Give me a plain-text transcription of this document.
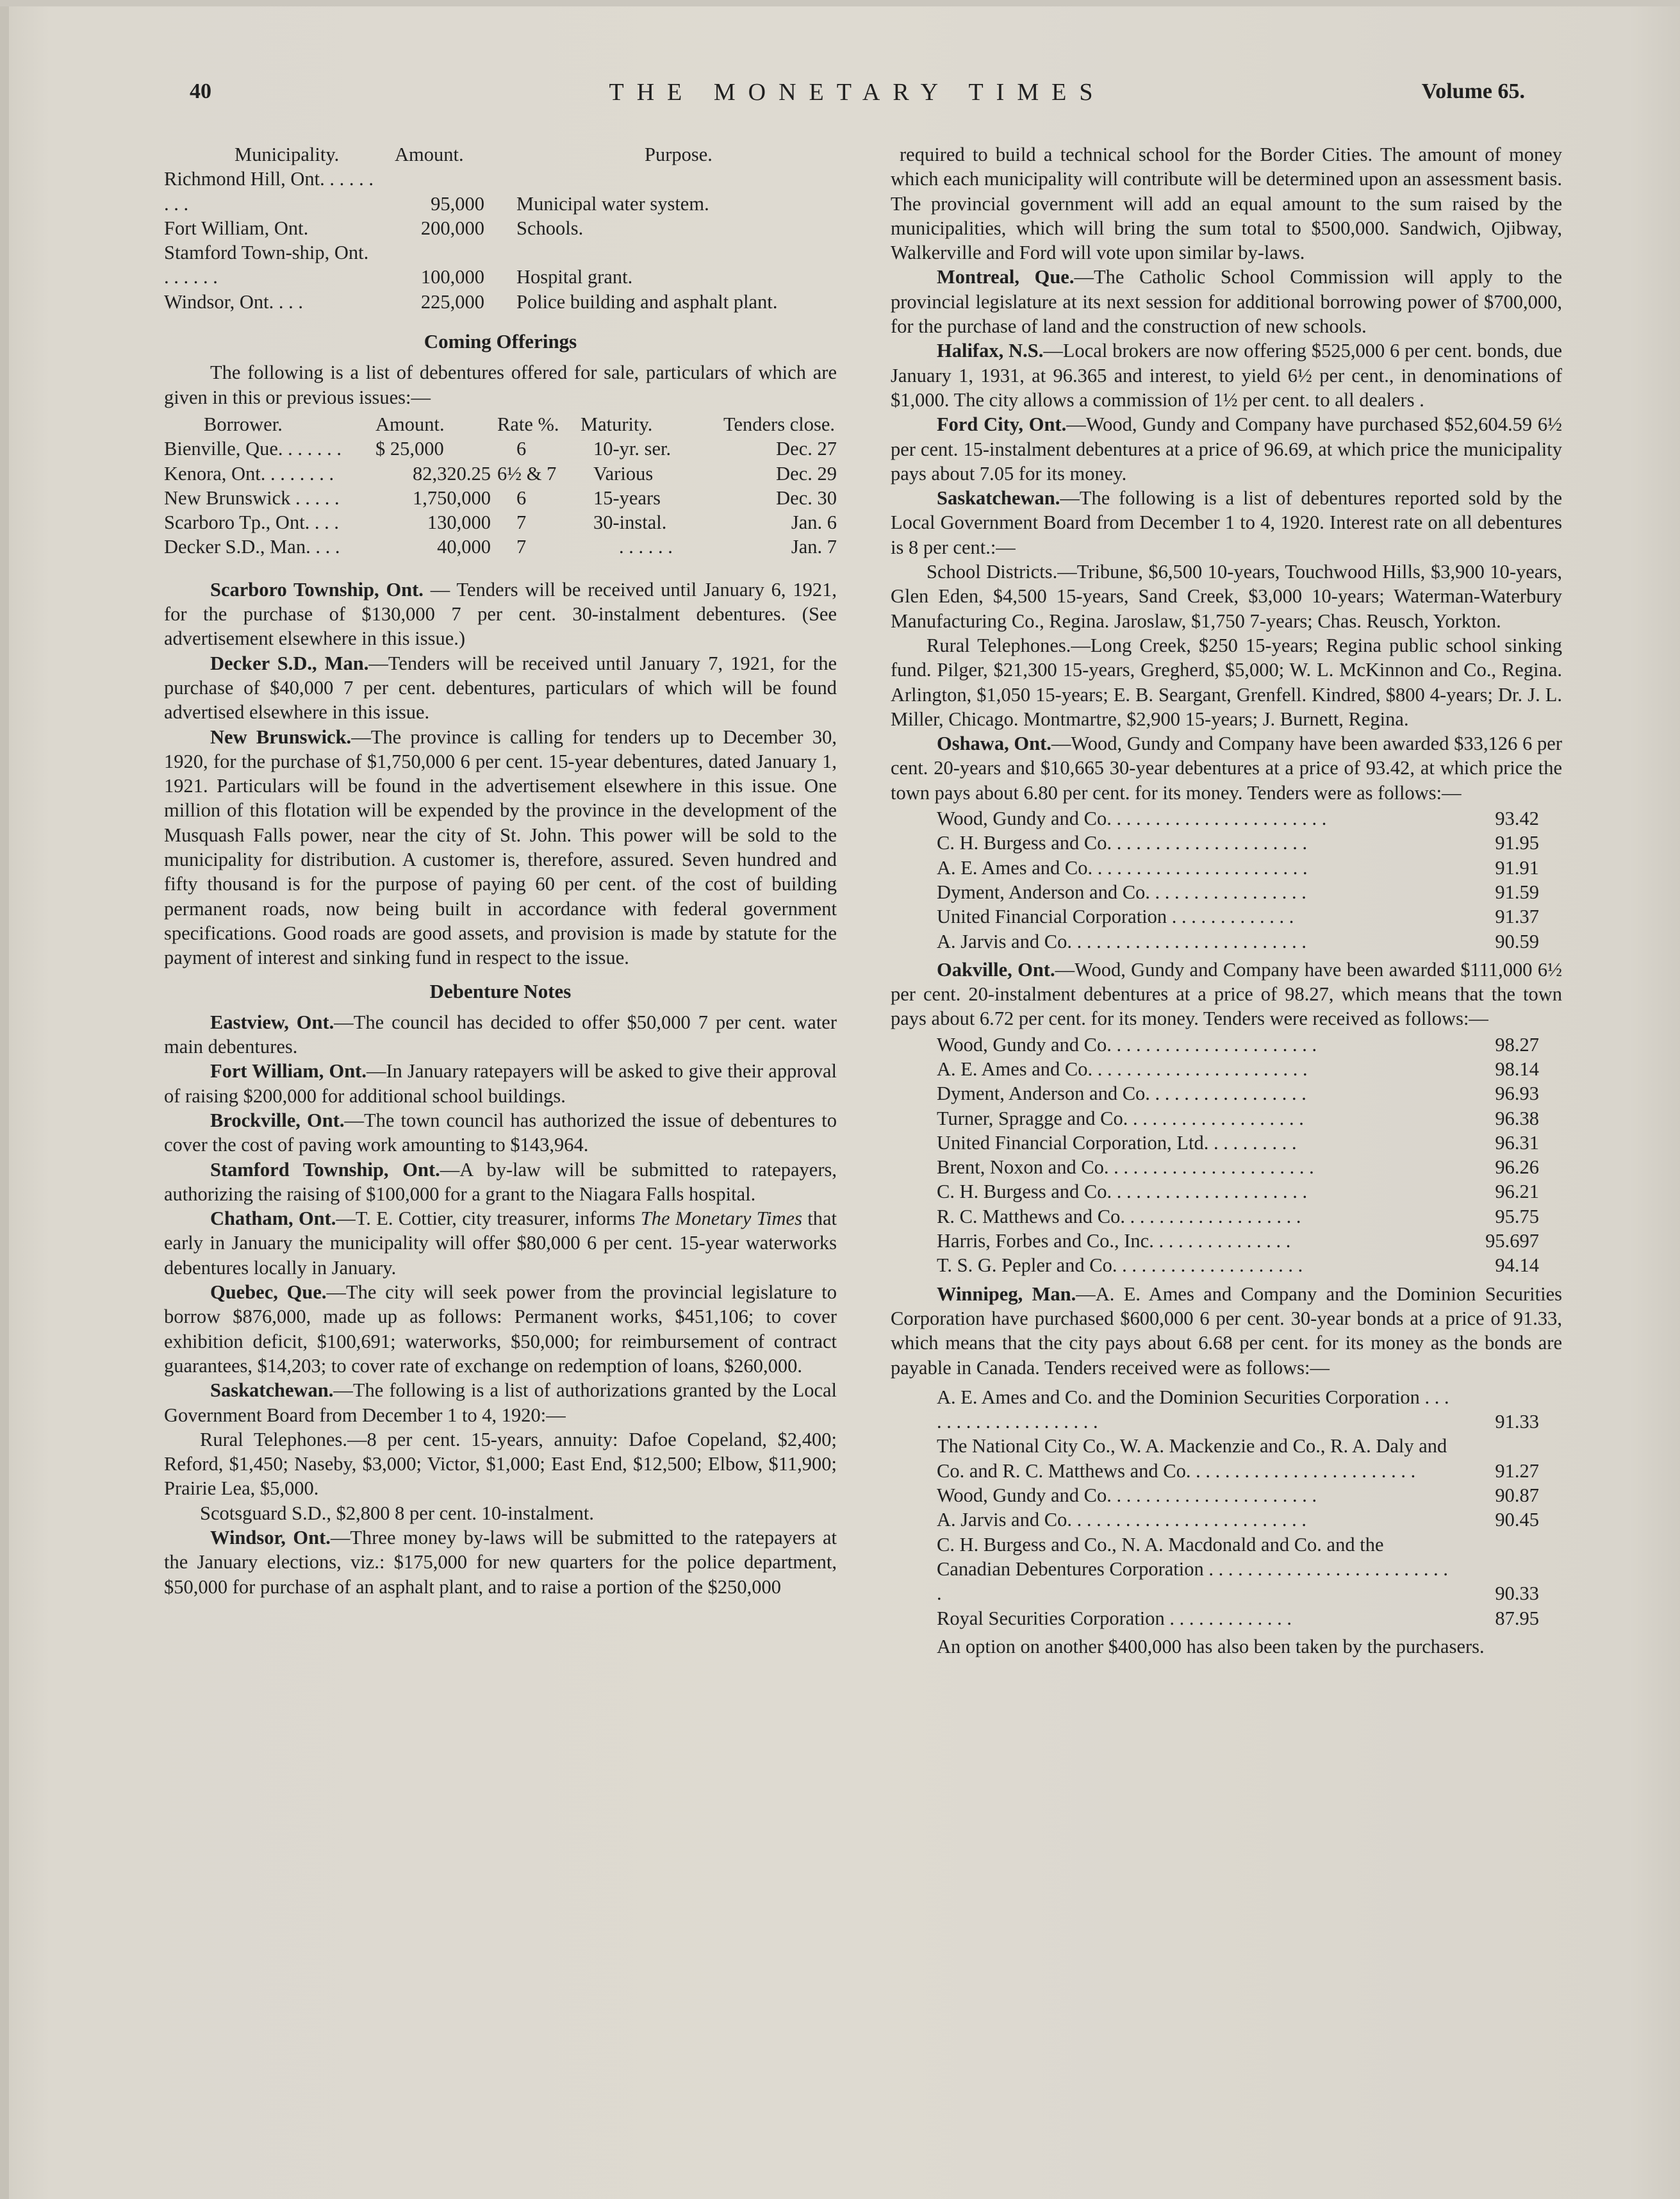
40	THE MONETARY TIMES	Volume 65.
Municipality.	Amount.	Purpose.
Richmond Hill, Ont. . . . . . . . .	95,000	Municipal water system.
Fort William, Ont.	200,000	Schools.
Stamford Town-ship, Ont. . . . . . .	100,000	Hospital grant.
Windsor, Ont. . . .	225,000	Police building and asphalt plant.
Coming Offerings

The following is a list of debentures offered for sale, particulars of which are given in this or previous issues:—

Borrower.	Amount.	Rate %.	Maturity.	Tenders close.
Bienville, Que. . . . . . .	$ 25,000	6	10-yr. ser.	Dec. 27
Kenora, Ont. . . . . . . .	82,320.25	6½ & 7	Various	Dec. 29
New Brunswick . . . . .	1,750,000	6	15-years	Dec. 30
Scarboro Tp., Ont. . . .	130,000	7	30-instal.	Jan. 6
Decker S.D., Man. . . .	40,000	7	. . . . . .	Jan. 7

Scarboro Township, Ont. — Tenders will be received until January 6, 1921, for the purchase of $130,000 7 per cent. 30-instalment debentures. (See advertisement elsewhere in this issue.)

Decker S.D., Man.—Tenders will be received until January 7, 1921, for the purchase of $40,000 7 per cent. debentures, particulars of which will be found advertised elsewhere in this issue.

New Brunswick.—The province is calling for tenders up to December 30, 1920, for the purchase of $1,750,000 6 per cent. 15-year debentures, dated January 1, 1921. Particulars will be found in the advertisement elsewhere in this issue. One million of this flotation will be expended by the province in the development of the Musquash Falls power, near the city of St. John. This power will be sold to the municipality for distribution. A customer is, therefore, assured. Seven hundred and fifty thousand is for the purpose of paying 60 per cent. of the cost of building permanent roads, now being built in accordance with federal government specifications. Good roads are good assets, and provision is made by statute for the payment of interest and sinking fund in respect to the issue.

Debenture Notes

Eastview, Ont.—The council has decided to offer $50,000 7 per cent. water main debentures.

Fort William, Ont.—In January ratepayers will be asked to give their approval of raising $200,000 for additional school buildings.

Brockville, Ont.—The town council has authorized the issue of debentures to cover the cost of paving work amounting to $143,964.

Stamford Township, Ont.—A by-law will be submitted to ratepayers, authorizing the raising of $100,000 for a grant to the Niagara Falls hospital.

Chatham, Ont.—T. E. Cottier, city treasurer, informs The Monetary Times that early in January the municipality will offer $80,000 6 per cent. 15-year waterworks debentures locally in January.

Quebec, Que.—The city will seek power from the provincial legislature to borrow $876,000, made up as follows: Permanent works, $451,106; to cover exhibition deficit, $100,691; waterworks, $50,000; for reimbursement of contract guarantees, $14,203; to cover rate of exchange on redemption of loans, $260,000.

Saskatchewan.—The following is a list of authorizations granted by the Local Government Board from December 1 to 4, 1920:—

Rural Telephones.—8 per cent. 15-years, annuity: Dafoe Copeland, $2,400; Reford, $1,450; Naseby, $3,000; Victor, $1,000; East End, $12,500; Elbow, $11,900; Prairie Lea, $5,000.

Scotsguard S.D., $2,800 8 per cent. 10-instalment.

Windsor, Ont.—Three money by-laws will be submitted to the ratepayers at the January elections, viz.: $175,000 for new quarters for the police department, $50,000 for purchase of an asphalt plant, and to raise a portion of the $250,000

required to build a technical school for the Border Cities. The amount of money which each municipality will contribute will be determined upon an assessment basis. The provincial government will add an equal amount to the sum raised by the municipalities, which will bring the sum total to $500,000. Sandwich, Ojibway, Walkerville and Ford will vote upon similar by-laws.

Montreal, Que.—The Catholic School Commission will apply to the provincial legislature at its next session for additional borrowing power of $700,000, for the purchase of land and the construction of new schools.

Halifax, N.S.—Local brokers are now offering $525,000 6 per cent. bonds, due January 1, 1931, at 96.365 and interest, to yield 6½ per cent., in denominations of $1,000. The city allows a commission of 1½ per cent. to all dealers .

Ford City, Ont.—Wood, Gundy and Company have purchased $52,604.59 6½ per cent. 15-instalment debentures at a price of 96.69, at which price the municipality pays about 7.05 for its money.

Saskatchewan.—The following is a list of debentures reported sold by the Local Government Board from December 1 to 4, 1920. Interest rate on all debentures is 8 per cent.:—

School Districts.—Tribune, $6,500 10-years, Touchwood Hills, $3,900 10-years, Glen Eden, $4,500 15-years, Sand Creek, $3,000 10-years; Waterman-Waterbury Manufacturing Co., Regina. Jaroslaw, $1,750 7-years; Chas. Reusch, Yorkton.

Rural Telephones.—Long Creek, $250 15-years; Regina public school sinking fund. Pilger, $21,300 15-years, Gregherd, $5,000; W. L. McKinnon and Co., Regina. Arlington, $1,050 15-years; E. B. Seargant, Grenfell. Kindred, $800 4-years; Dr. J. L. Miller, Chicago. Montmartre, $2,900 15-years; J. Burnett, Regina.

Oshawa, Ont.—Wood, Gundy and Company have been awarded $33,126 6 per cent. 20-years and $10,665 30-year debentures at a price of 93.42, at which price the town pays about 6.80 per cent. for its money. Tenders were as follows:—

Wood, Gundy and Co. . . . . . . . . . . . . . . . . . . . . . .	93.42
C. H. Burgess and Co. . . . . . . . . . . . . . . . . . . . .	91.95
A. E. Ames and Co. . . . . . . . . . . . . . . . . . . . . . .	91.91
Dyment, Anderson and Co. . . . . . . . . . . . . . . . .	91.59
United Financial Corporation . . . . . . . . . . . . .	91.37
A. Jarvis and Co. . . . . . . . . . . . . . . . . . . . . . . . .	90.59

Oakville, Ont.—Wood, Gundy and Company have been awarded $111,000 6½ per cent. 20-instalment debentures at a price of 98.27, which means that the town pays about 6.72 per cent. for its money. Tenders were received as follows:—

Wood, Gundy and Co. . . . . . . . . . . . . . . . . . . . . .	98.27
A. E. Ames and Co. . . . . . . . . . . . . . . . . . . . . . .	98.14
Dyment, Anderson and Co. . . . . . . . . . . . . . . . .	96.93
Turner, Spragge and Co. . . . . . . . . . . . . . . . . . .	96.38
United Financial Corporation, Ltd. . . . . . . . . .	96.31
Brent, Noxon and Co. . . . . . . . . . . . . . . . . . . . . .	96.26
C. H. Burgess and Co. . . . . . . . . . . . . . . . . . . . .	96.21
R. C. Matthews and Co. . . . . . . . . . . . . . . . . . .	95.75
Harris, Forbes and Co., Inc. . . . . . . . . . . . . . .	95.697
T. S. G. Pepler and Co. . . . . . . . . . . . . . . . . . . .	94.14

Winnipeg, Man.—A. E. Ames and Company and the Dominion Securities Corporation have purchased $600,000 6 per cent. 30-year bonds at a price of 91.33, which means that the city pays about 6.68 per cent. for its money as the bonds are payable in Canada. Tenders received were as follows:—

A. E. Ames and Co. and the Dominion Securities Corporation . . . . . . . . . . . . . . . . . . . .	91.33
The National City Co., W. A. Mackenzie and Co., R. A. Daly and Co. and R. C. Matthews and Co. . . . . . . . . . . . . . . . . . . . . . . .	91.27
Wood, Gundy and Co. . . . . . . . . . . . . . . . . . . . . .	90.87
A. Jarvis and Co. . . . . . . . . . . . . . . . . . . . . . . . .	90.45
C. H. Burgess and Co., N. A. Macdonald and Co. and the Canadian Debentures Corporation . . . . . . . . . . . . . . . . . . . . . . . . . .	90.33
Royal Securities Corporation . . . . . . . . . . . . .	87.95

An option on another $400,000 has also been taken by the purchasers.
